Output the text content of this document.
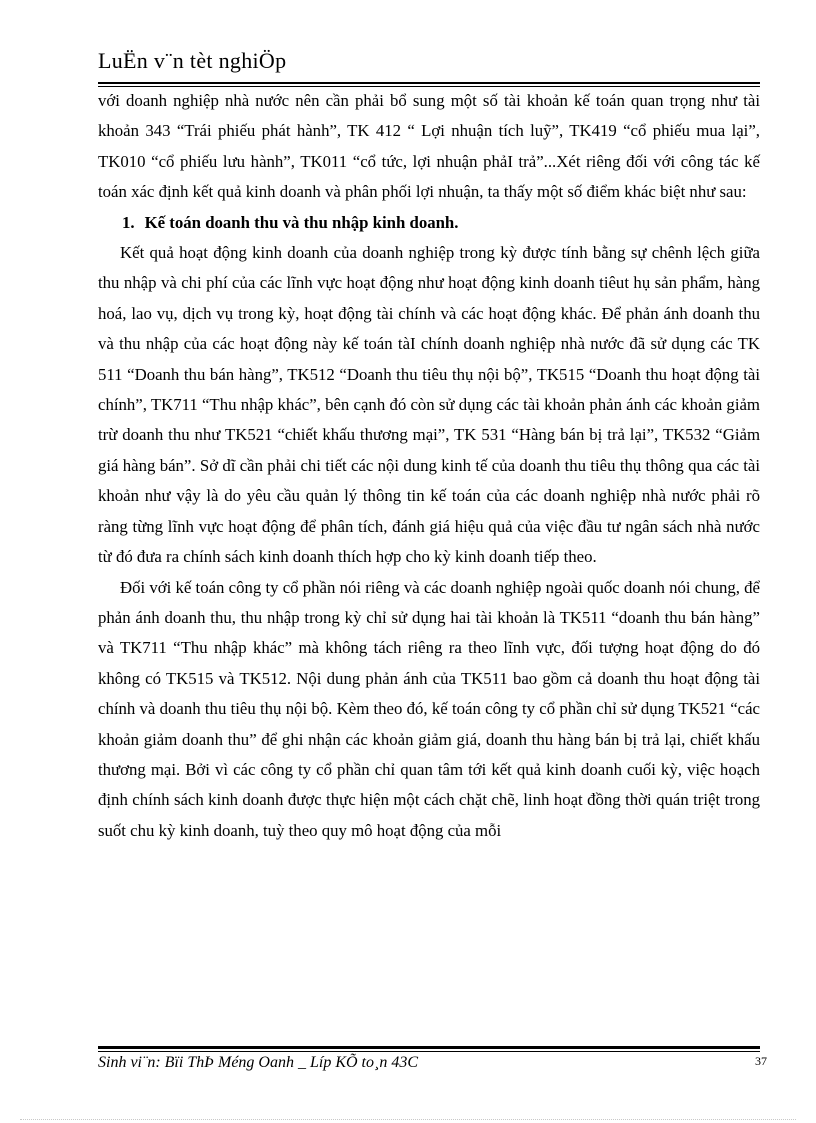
LuËn v¨n tèt nghiÖp

với doanh nghiệp nhà nước nên cần phải bổ sung một số tài khoản kế toán quan trọng như tài khoản 343 “Trái phiếu phát hành”, TK 412 “ Lợi nhuận tích luỹ”, TK419 “cổ phiếu mua lại”, TK010 “cổ phiếu lưu hành”, TK011 “cổ tức, lợi nhuận phảI trả”...Xét riêng đối với công tác kế toán xác định kết quả kinh doanh và phân phối lợi nhuận, ta thấy một số điểm khác biệt như sau:

1. Kế toán doanh thu và thu nhập kinh doanh.

Kết quả hoạt động kinh doanh của doanh nghiệp trong kỳ được tính bằng sự chênh lệch giữa thu nhập và chi phí của các lĩnh vực hoạt động như hoạt động kinh doanh tiêut hụ sản phẩm, hàng hoá, lao vụ, dịch vụ trong kỳ, hoạt động tài chính và các hoạt động khác. Để phản ánh doanh thu và thu nhập của các hoạt động này kế toán tàI chính doanh nghiệp nhà nước đã sử dụng các TK 511 “Doanh thu bán hàng”, TK512 “Doanh thu tiêu thụ nội bộ”, TK515 “Doanh thu hoạt động tài chính”, TK711 “Thu nhập khác”, bên cạnh đó còn sử dụng các tài khoản phản ánh các khoản giảm trừ doanh thu như TK521 “chiết khấu thương mại”, TK 531 “Hàng bán bị trả lại”, TK532 “Giảm giá hàng bán”. Sở dĩ cần phải chi tiết các nội dung kinh tế của doanh thu tiêu thụ thông qua các tài khoản như vậy là do yêu cầu quản lý thông tin kế toán của các doanh nghiệp nhà nước phải rõ ràng từng lĩnh vực hoạt động để phân tích, đánh giá hiệu quả của việc đầu tư ngân sách nhà nước từ đó đưa ra chính sách kinh doanh thích hợp cho kỳ kinh doanh tiếp theo.

Đối với kế toán công ty cổ phần nói riêng và các doanh nghiệp ngoài quốc doanh nói chung, để phản ánh doanh thu, thu nhập trong kỳ chỉ sử dụng hai tài khoản là TK511 “doanh thu bán hàng” và TK711 “Thu nhập khác” mà không tách riêng ra theo lĩnh vực, đối tượng hoạt động do đó không có TK515 và TK512. Nội dung phản ánh của TK511 bao gồm cả doanh thu hoạt động tài chính và doanh thu tiêu thụ nội bộ. Kèm theo đó, kế toán công ty cổ phần chỉ sử dụng TK521 “các khoản giảm doanh thu” để ghi nhận các khoản giảm giá, doanh thu hàng bán bị trả lại, chiết khấu thương mại. Bởi vì các công ty cổ phần chỉ quan tâm tới kết quả kinh doanh cuối kỳ, việc hoạch định chính sách kinh doanh được thực hiện một cách chặt chẽ, linh hoạt đồng thời quán triệt trong suốt chu kỳ kinh doanh, tuỳ theo quy mô hoạt động của mỗi

Sinh vi¨n: Bïi ThÞ Méng Oanh _ Líp KÕ to¸n 43C	37
